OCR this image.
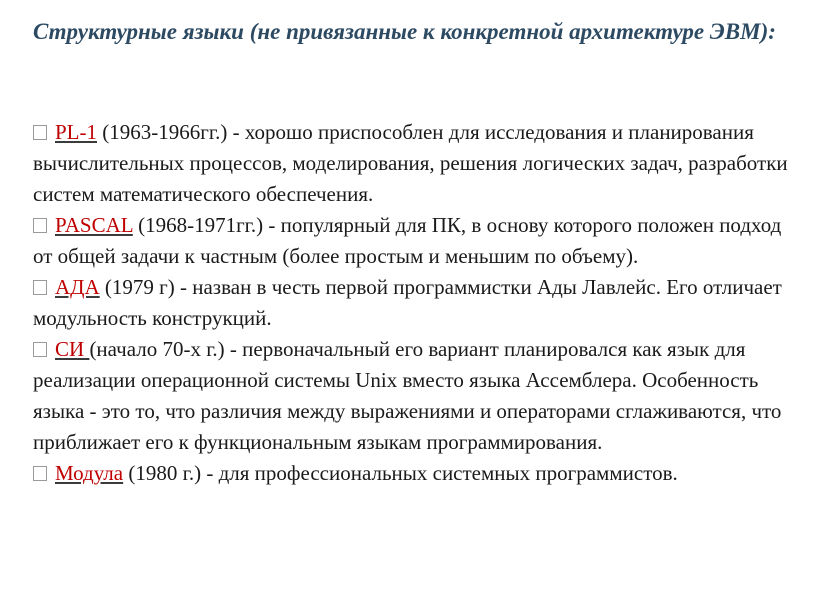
Структурные языки (не привязанные к конкретной архитектуре ЭВМ):
PL-1 (1963-1966гг.) - хорошо приспособлен для исследования и планирования вычислительных процессов, моделирования, решения логических задач, разработки систем математического обеспечения.
PASCAL (1968-1971гг.) - популярный для ПК, в основу которого положен подход от общей задачи к частным (более простым и меньшим по объему).
АДА (1979 г) - назван в честь первой программистки Ады Лавлейс. Его отличает модульность конструкций.
СИ (начало 70-х г.) - первоначальный его вариант планировался как язык для реализации операционной системы Unix вместо языка Ассемблера. Особенность языка - это то, что различия между выражениями и операторами сглаживаются, что приближает его к функциональным языкам программирования.
Модула (1980 г.) - для профессиональных системных программистов.
